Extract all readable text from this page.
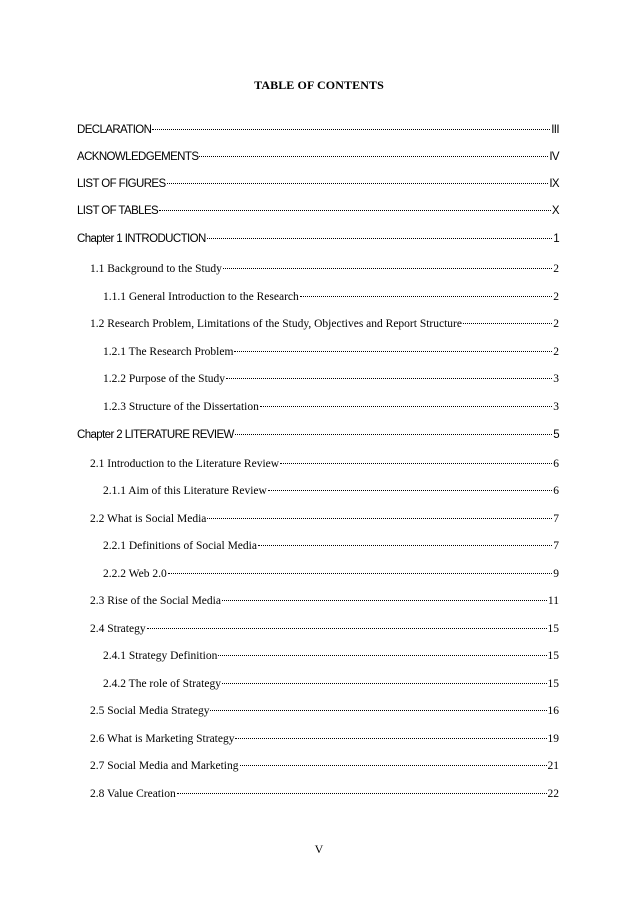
TABLE OF CONTENTS
DECLARATION	III
ACKNOWLEDGEMENTS	IV
LIST OF FIGURES	IX
LIST OF TABLES	X
Chapter 1 INTRODUCTION	1
1.1 Background to the Study	2
1.1.1 General Introduction to the Research	2
1.2 Research Problem, Limitations of the Study, Objectives and Report Structure	2
1.2.1 The Research Problem	2
1.2.2 Purpose of the Study	3
1.2.3 Structure of the Dissertation	3
Chapter 2 LITERATURE REVIEW	5
2.1 Introduction to the Literature Review	6
2.1.1 Aim of this Literature Review	6
2.2 What is Social Media	7
2.2.1 Definitions of Social Media	7
2.2.2 Web 2.0	9
2.3 Rise of the Social Media	11
2.4 Strategy	15
2.4.1 Strategy Definition	15
2.4.2 The role of Strategy	15
2.5 Social Media Strategy	16
2.6 What is Marketing Strategy	19
2.7 Social Media and Marketing	21
2.8 Value Creation	22
V
